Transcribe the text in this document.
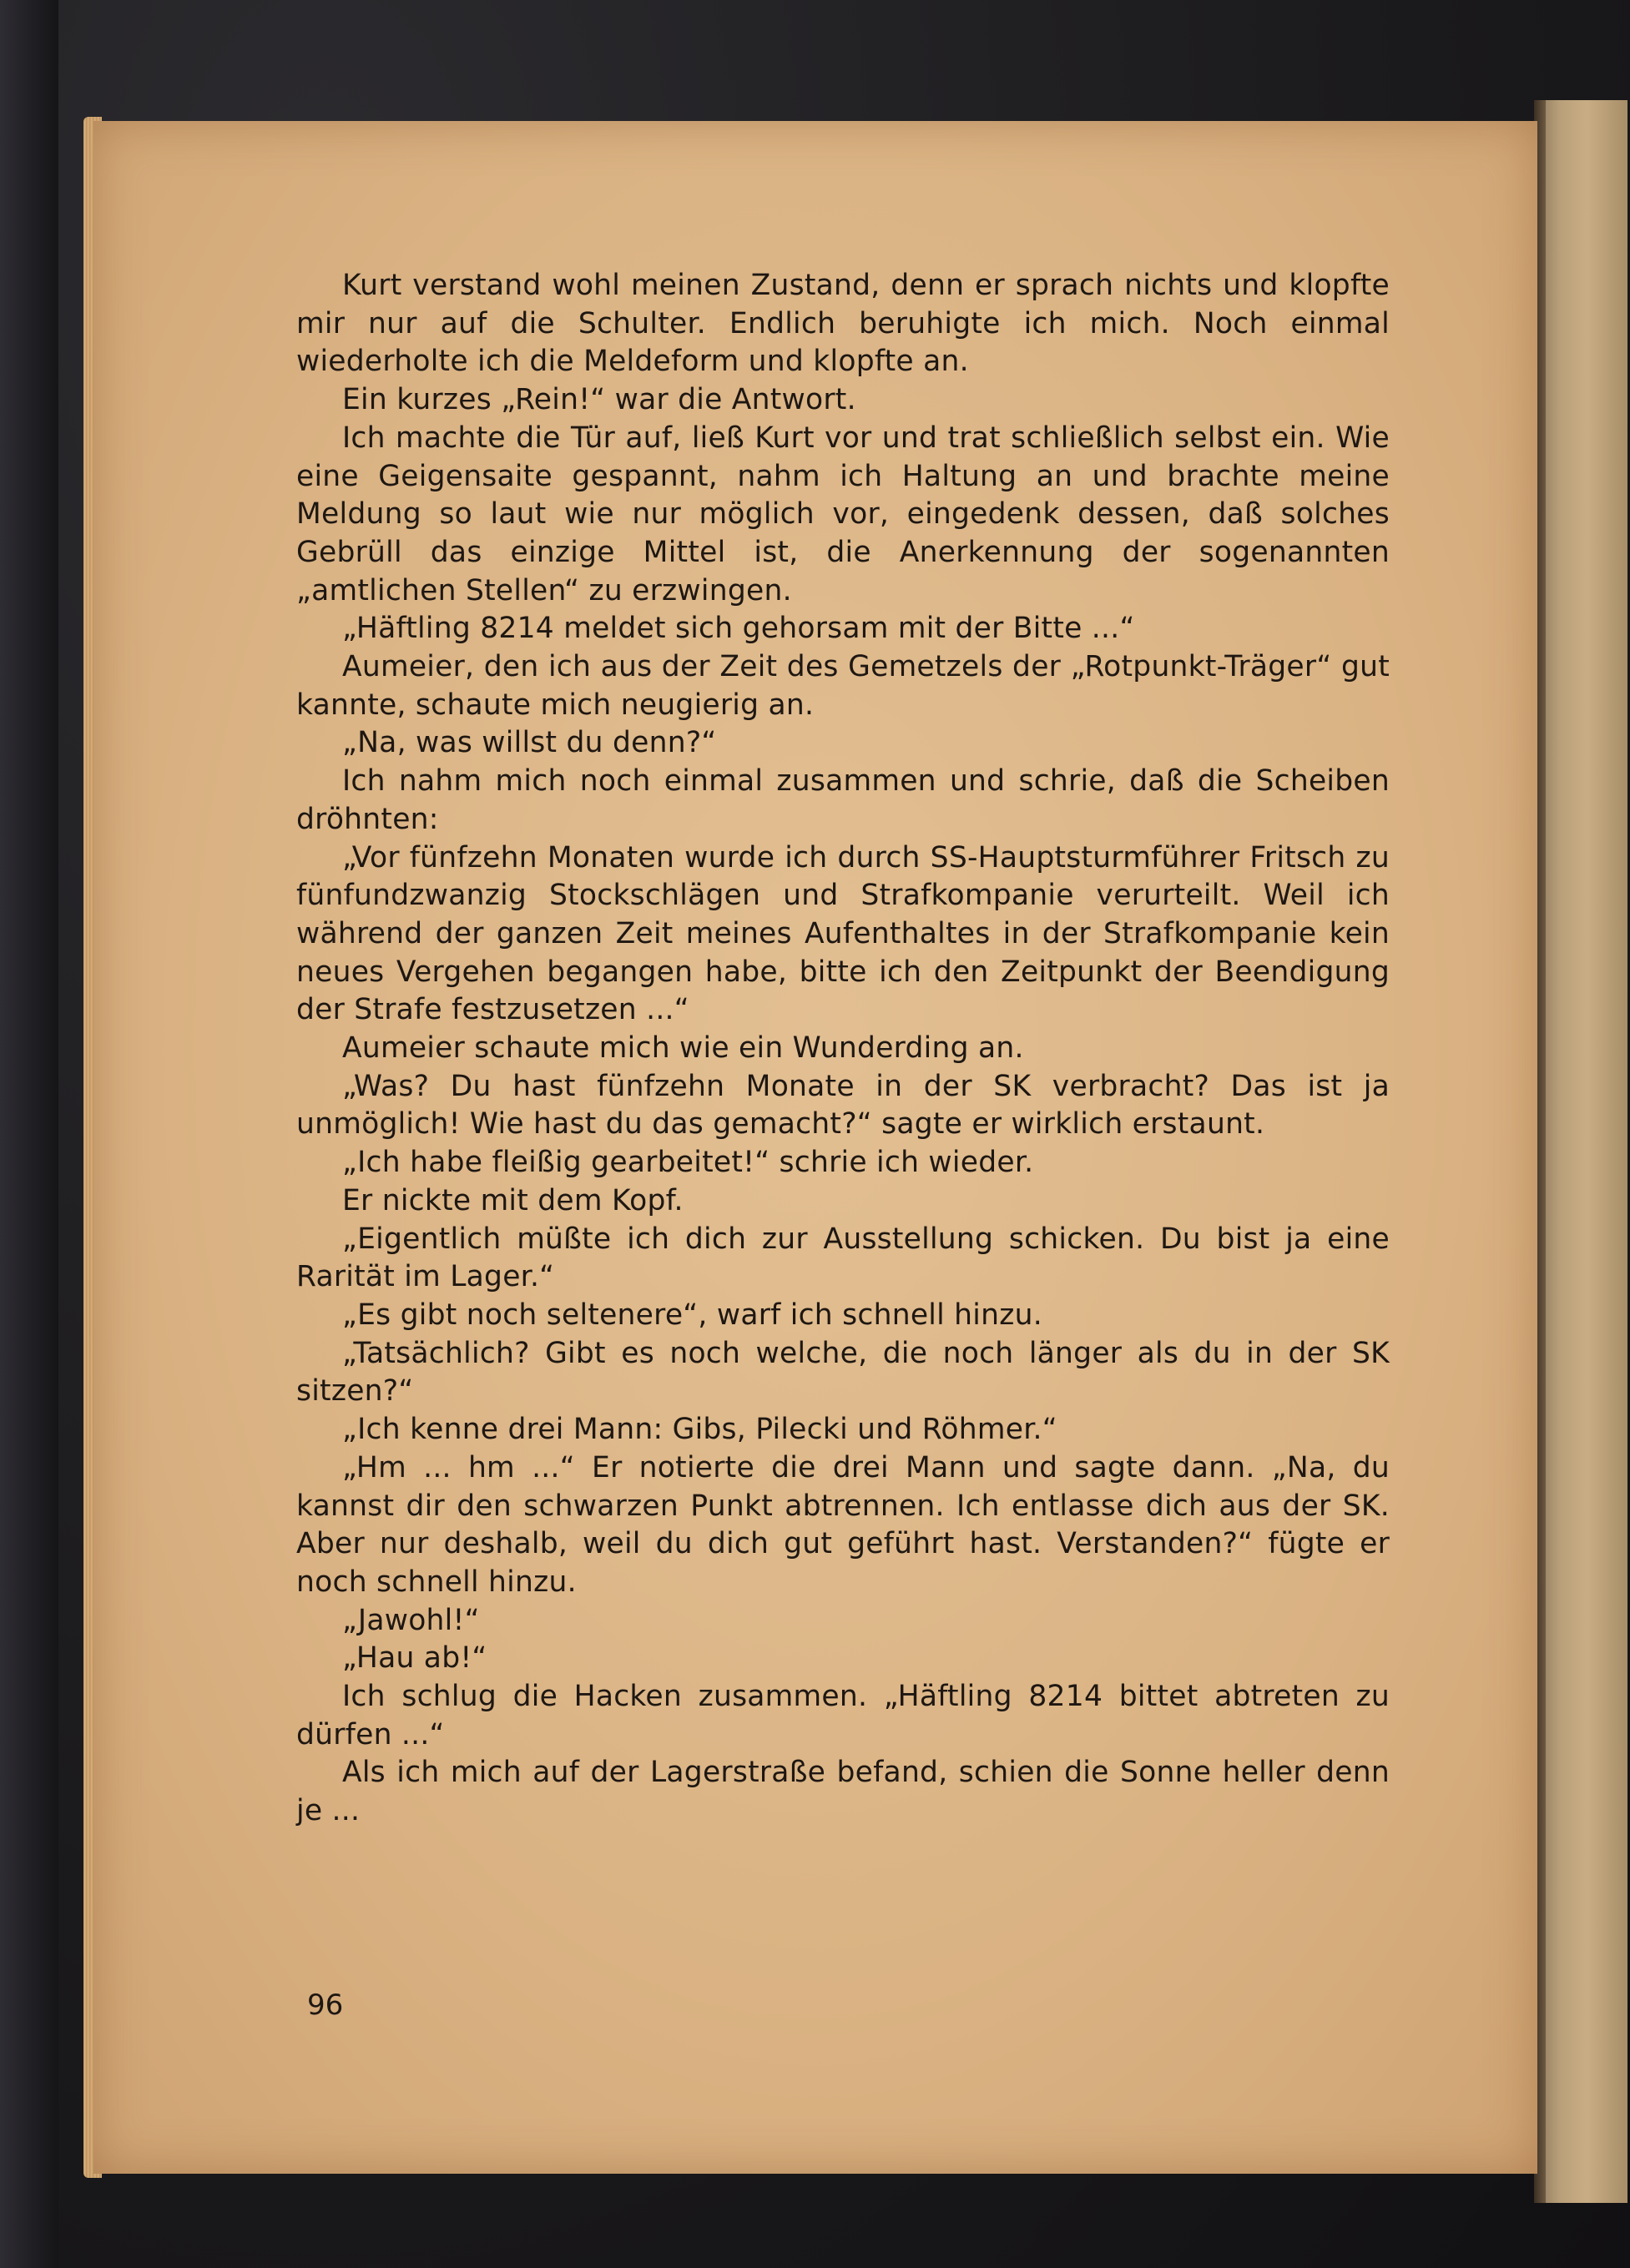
Kurt verstand wohl meinen Zustand, denn er sprach nichts und klopfte mir nur auf die Schulter. Endlich beruhigte ich mich. Noch einmal wiederholte ich die Meldeform und klopfte an.

Ein kurzes „Rein!“ war die Antwort.

Ich machte die Tür auf, ließ Kurt vor und trat schließlich selbst ein. Wie eine Geigensaite gespannt, nahm ich Haltung an und brachte meine Meldung so laut wie nur möglich vor, eingedenk dessen, daß solches Gebrüll das einzige Mittel ist, die Anerkennung der sogenannten „amtlichen Stellen“ zu erzwingen.

„Häftling 8214 meldet sich gehorsam mit der Bitte ...“

Aumeier, den ich aus der Zeit des Gemetzels der „Rotpunkt-Träger“ gut kannte, schaute mich neugierig an.

„Na, was willst du denn?“

Ich nahm mich noch einmal zusammen und schrie, daß die Scheiben dröhnten:

„Vor fünfzehn Monaten wurde ich durch SS-Hauptsturmführer Fritsch zu fünfundzwanzig Stockschlägen und Strafkompanie verurteilt. Weil ich während der ganzen Zeit meines Aufenthaltes in der Strafkompanie kein neues Vergehen begangen habe, bitte ich den Zeitpunkt der Beendigung der Strafe festzusetzen ...“

Aumeier schaute mich wie ein Wunderding an.

„Was? Du hast fünfzehn Monate in der SK verbracht? Das ist ja unmöglich! Wie hast du das gemacht?“ sagte er wirklich erstaunt.

„Ich habe fleißig gearbeitet!“ schrie ich wieder.

Er nickte mit dem Kopf.

„Eigentlich müßte ich dich zur Ausstellung schicken. Du bist ja eine Rarität im Lager.“

„Es gibt noch seltenere“, warf ich schnell hinzu.

„Tatsächlich? Gibt es noch welche, die noch länger als du in der SK sitzen?“

„Ich kenne drei Mann: Gibs, Pilecki und Röhmer.“

„Hm ... hm ...“ Er notierte die drei Mann und sagte dann. „Na, du kannst dir den schwarzen Punkt abtrennen. Ich entlasse dich aus der SK. Aber nur deshalb, weil du dich gut geführt hast. Verstanden?“ fügte er noch schnell hinzu.

„Jawohl!“

„Hau ab!“

Ich schlug die Hacken zusammen. „Häftling 8214 bittet abtreten zu dürfen ...“

Als ich mich auf der Lagerstraße befand, schien die Sonne heller denn je ...

96
